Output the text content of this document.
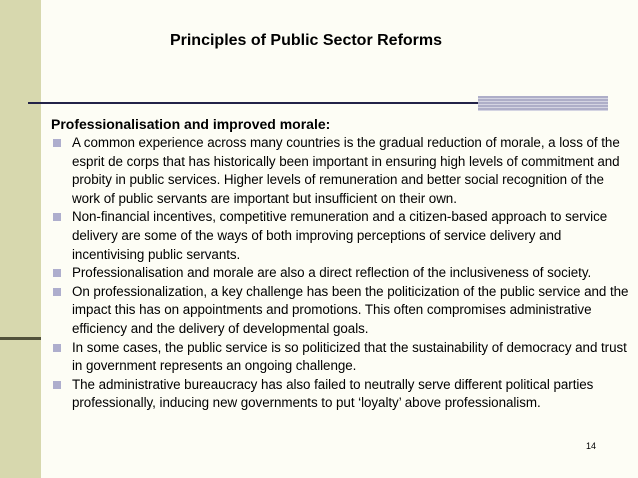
Principles of Public Sector Reforms
Professionalisation and improved morale:
A common experience across many countries is the gradual reduction of morale, a loss of the esprit de corps that has historically been important in ensuring high levels of commitment and probity in public services. Higher levels of remuneration and better social recognition of the work of public servants are important but insufficient on their own.
Non-financial incentives, competitive remuneration and a citizen-based approach to service delivery are some of the ways of both improving perceptions of service delivery and incentivising public servants.
Professionalisation and morale are also a direct reflection of the inclusiveness of society.
On professionalization, a key challenge has been the politicization of the public service and the impact this has on appointments and promotions. This often compromises administrative efficiency and the delivery of developmental goals.
In some cases, the public service is so politicized that the sustainability of democracy and trust in government represents an ongoing challenge.
The administrative bureaucracy has also failed to neutrally serve different political parties professionally, inducing new governments to put ‘loyalty’ above professionalism.
14
